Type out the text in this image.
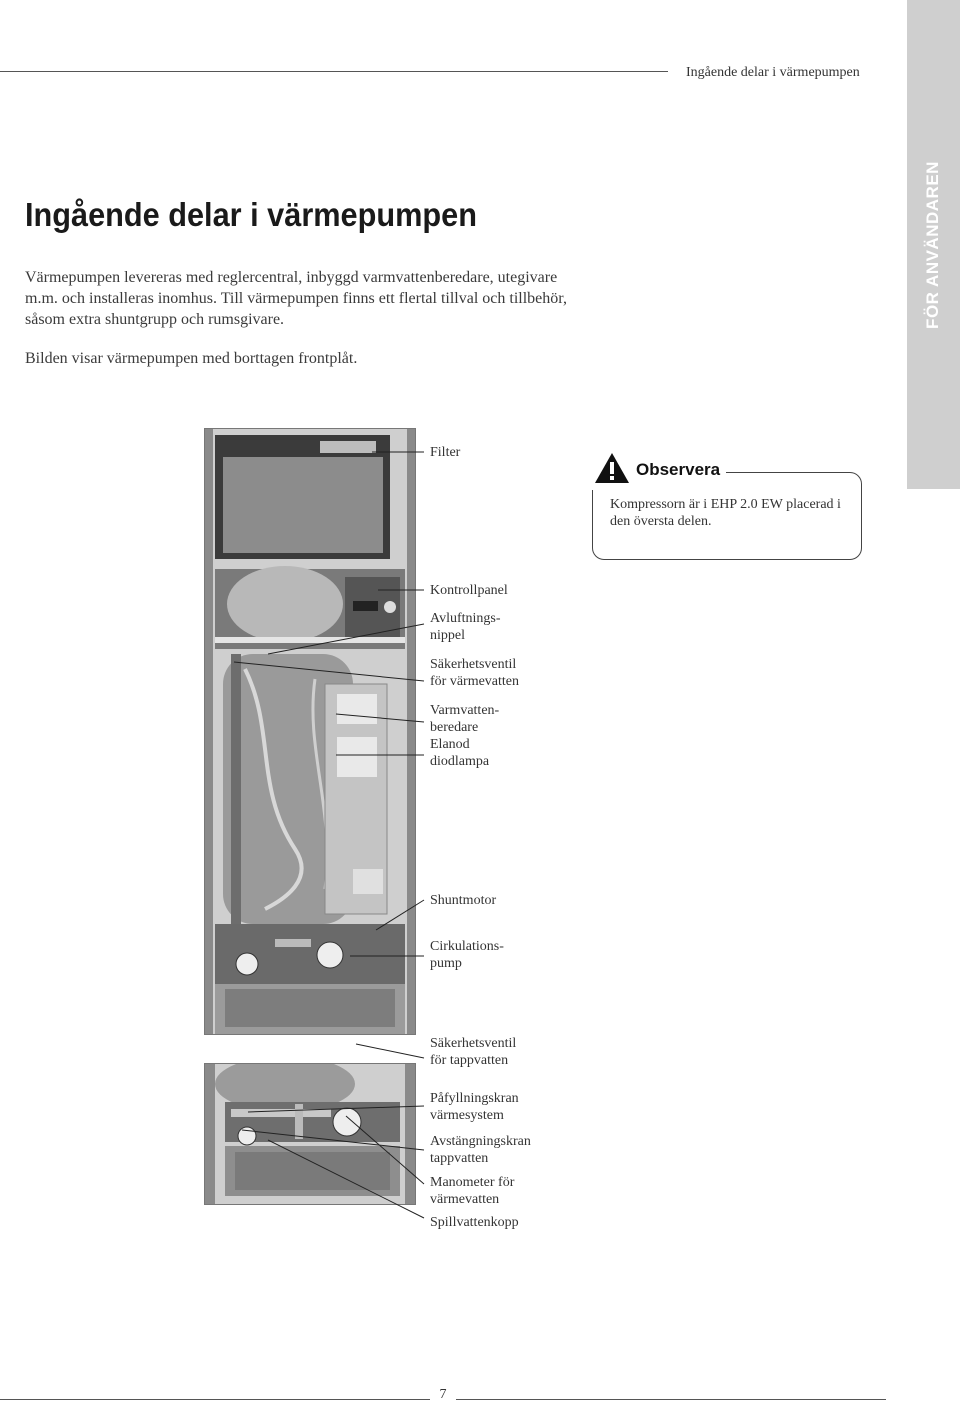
Ingående delar i värmepumpen
FÖR ANVÄNDAREN
Ingående delar i värmepumpen

Värmepumpen levereras med reglercentral, inbyggd varmvattenberedare, utegivare m.m. och installeras inomhus. Till värmepumpen finns ett flertal tillval och tillbehör, såsom extra shuntgrupp och rumsgivare.

Bilden visar värmepumpen med borttagen frontplåt.

Filter
Kontrollpanel
Avluftnings-
nippel
Säkerhetsventil
för värmevatten
Varmvatten-
beredare
Elanod
diodlampa
Shuntmotor
Cirkulations-
pump
Säkerhetsventil
för tappvatten
Påfyllningskran
värmesystem
Avstängningskran
tappvatten
Manometer för
värmevatten
Spillvattenkopp
Observera
Kompressorn är i EHP 2.0 EW placerad i den översta delen.
7
